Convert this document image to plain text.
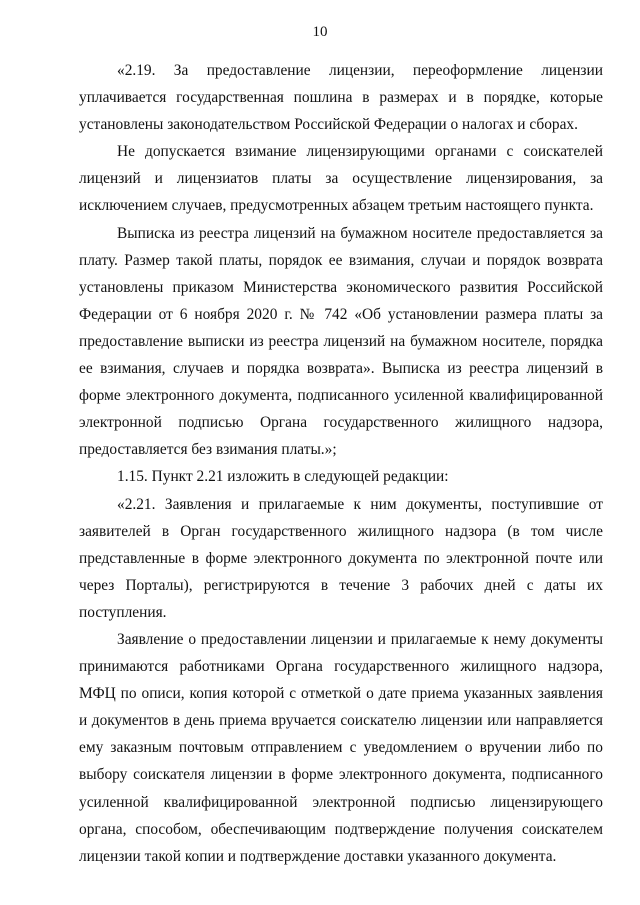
10

«2.19. За предоставление лицензии, переоформление лицензии уплачивается государственная пошлина в размерах и в порядке, которые установлены законодательством Российской Федерации о налогах и сборах.

Не допускается взимание лицензирующими органами с соискателей лицензий и лицензиатов платы за осуществление лицензирования, за исключением случаев, предусмотренных абзацем третьим настоящего пункта.

Выписка из реестра лицензий на бумажном носителе предоставляется за плату. Размер такой платы, порядок ее взимания, случаи и порядок возврата установлены приказом Министерства экономического развития Российской Федерации от 6 ноября 2020 г. № 742 «Об установлении размера платы за предоставление выписки из реестра лицензий на бумажном носителе, порядка ее взимания, случаев и порядка возврата». Выписка из реестра лицензий в форме электронного документа, подписанного усиленной квалифицированной электронной подписью Органа государственного жилищного надзора, предоставляется без взимания платы.»;

1.15. Пункт 2.21 изложить в следующей редакции:

«2.21. Заявления и прилагаемые к ним документы, поступившие от заявителей в Орган государственного жилищного надзора (в том числе представленные в форме электронного документа по электронной почте или через Порталы), регистрируются в течение 3 рабочих дней с даты их поступления.

Заявление о предоставлении лицензии и прилагаемые к нему документы принимаются работниками Органа государственного жилищного надзора, МФЦ по описи, копия которой с отметкой о дате приема указанных заявления и документов в день приема вручается соискателю лицензии или направляется ему заказным почтовым отправлением с уведомлением о вручении либо по выбору соискателя лицензии в форме электронного документа, подписанного усиленной квалифицированной электронной подписью лицензирующего органа, способом, обеспечивающим подтверждение получения соискателем лицензии такой копии и подтверждение доставки указанного документа.
